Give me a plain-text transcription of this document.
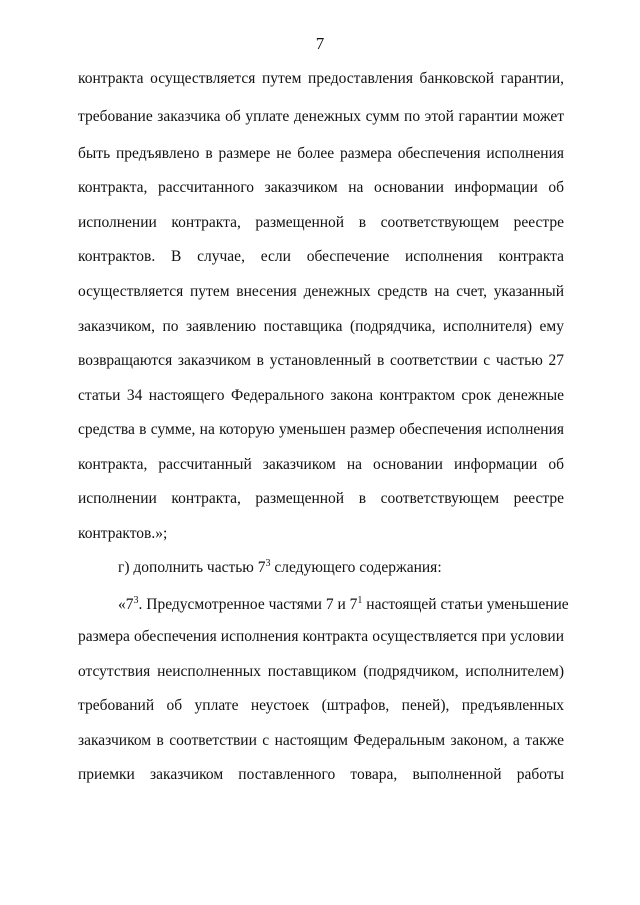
7
контракта осуществляется путем предоставления банковской гарантии,
требование заказчика об уплате денежных сумм по этой гарантии может
быть предъявлено в размере не более размера обеспечения исполнения
контракта, рассчитанного заказчиком на основании информации об
исполнении контракта, размещенной в соответствующем реестре
контрактов. В случае, если обеспечение исполнения контракта
осуществляется путем внесения денежных средств на счет, указанный
заказчиком, по заявлению поставщика (подрядчика, исполнителя) ему
возвращаются заказчиком в установленный в соответствии с частью 27
статьи 34 настоящего Федерального закона контрактом срок денежные
средства в сумме, на которую уменьшен размер обеспечения исполнения
контракта, рассчитанный заказчиком на основании информации об
исполнении контракта, размещенной в соответствующем реестре
контрактов.»;
г) дополнить частью $7^3$ следующего содержания:
«$7^3$. Предусмотренное частями 7 и $7^1$ настоящей статьи уменьшение
размера обеспечения исполнения контракта осуществляется при условии
отсутствия неисполненных поставщиком (подрядчиком, исполнителем)
требований об уплате неустоек (штрафов, пеней), предъявленных
заказчиком в соответствии с настоящим Федеральным законом, а также
приемки заказчиком поставленного товара, выполненной работы
